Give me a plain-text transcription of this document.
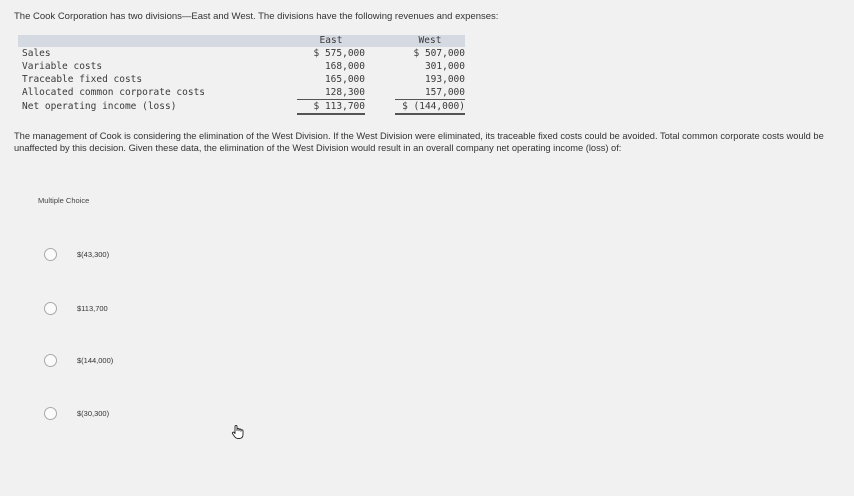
The Cook Corporation has two divisions—East and West. The divisions have the following revenues and expenses:
	East		West
Sales	$ 575,000		$ 507,000
Variable costs	168,000		301,000
Traceable fixed costs	165,000		193,000
Allocated common corporate costs	128,300		157,000
Net operating income (loss)	$ 113,700		$ (144,000)
The management of Cook is considering the elimination of the West Division. If the West Division were eliminated, its traceable fixed costs could be avoided. Total common corporate costs would be unaffected by this decision. Given these data, the elimination of the West Division would result in an overall company net operating income (loss) of:
Multiple Choice
$(43,300)
$113,700
$(144,000)
$(30,300)
